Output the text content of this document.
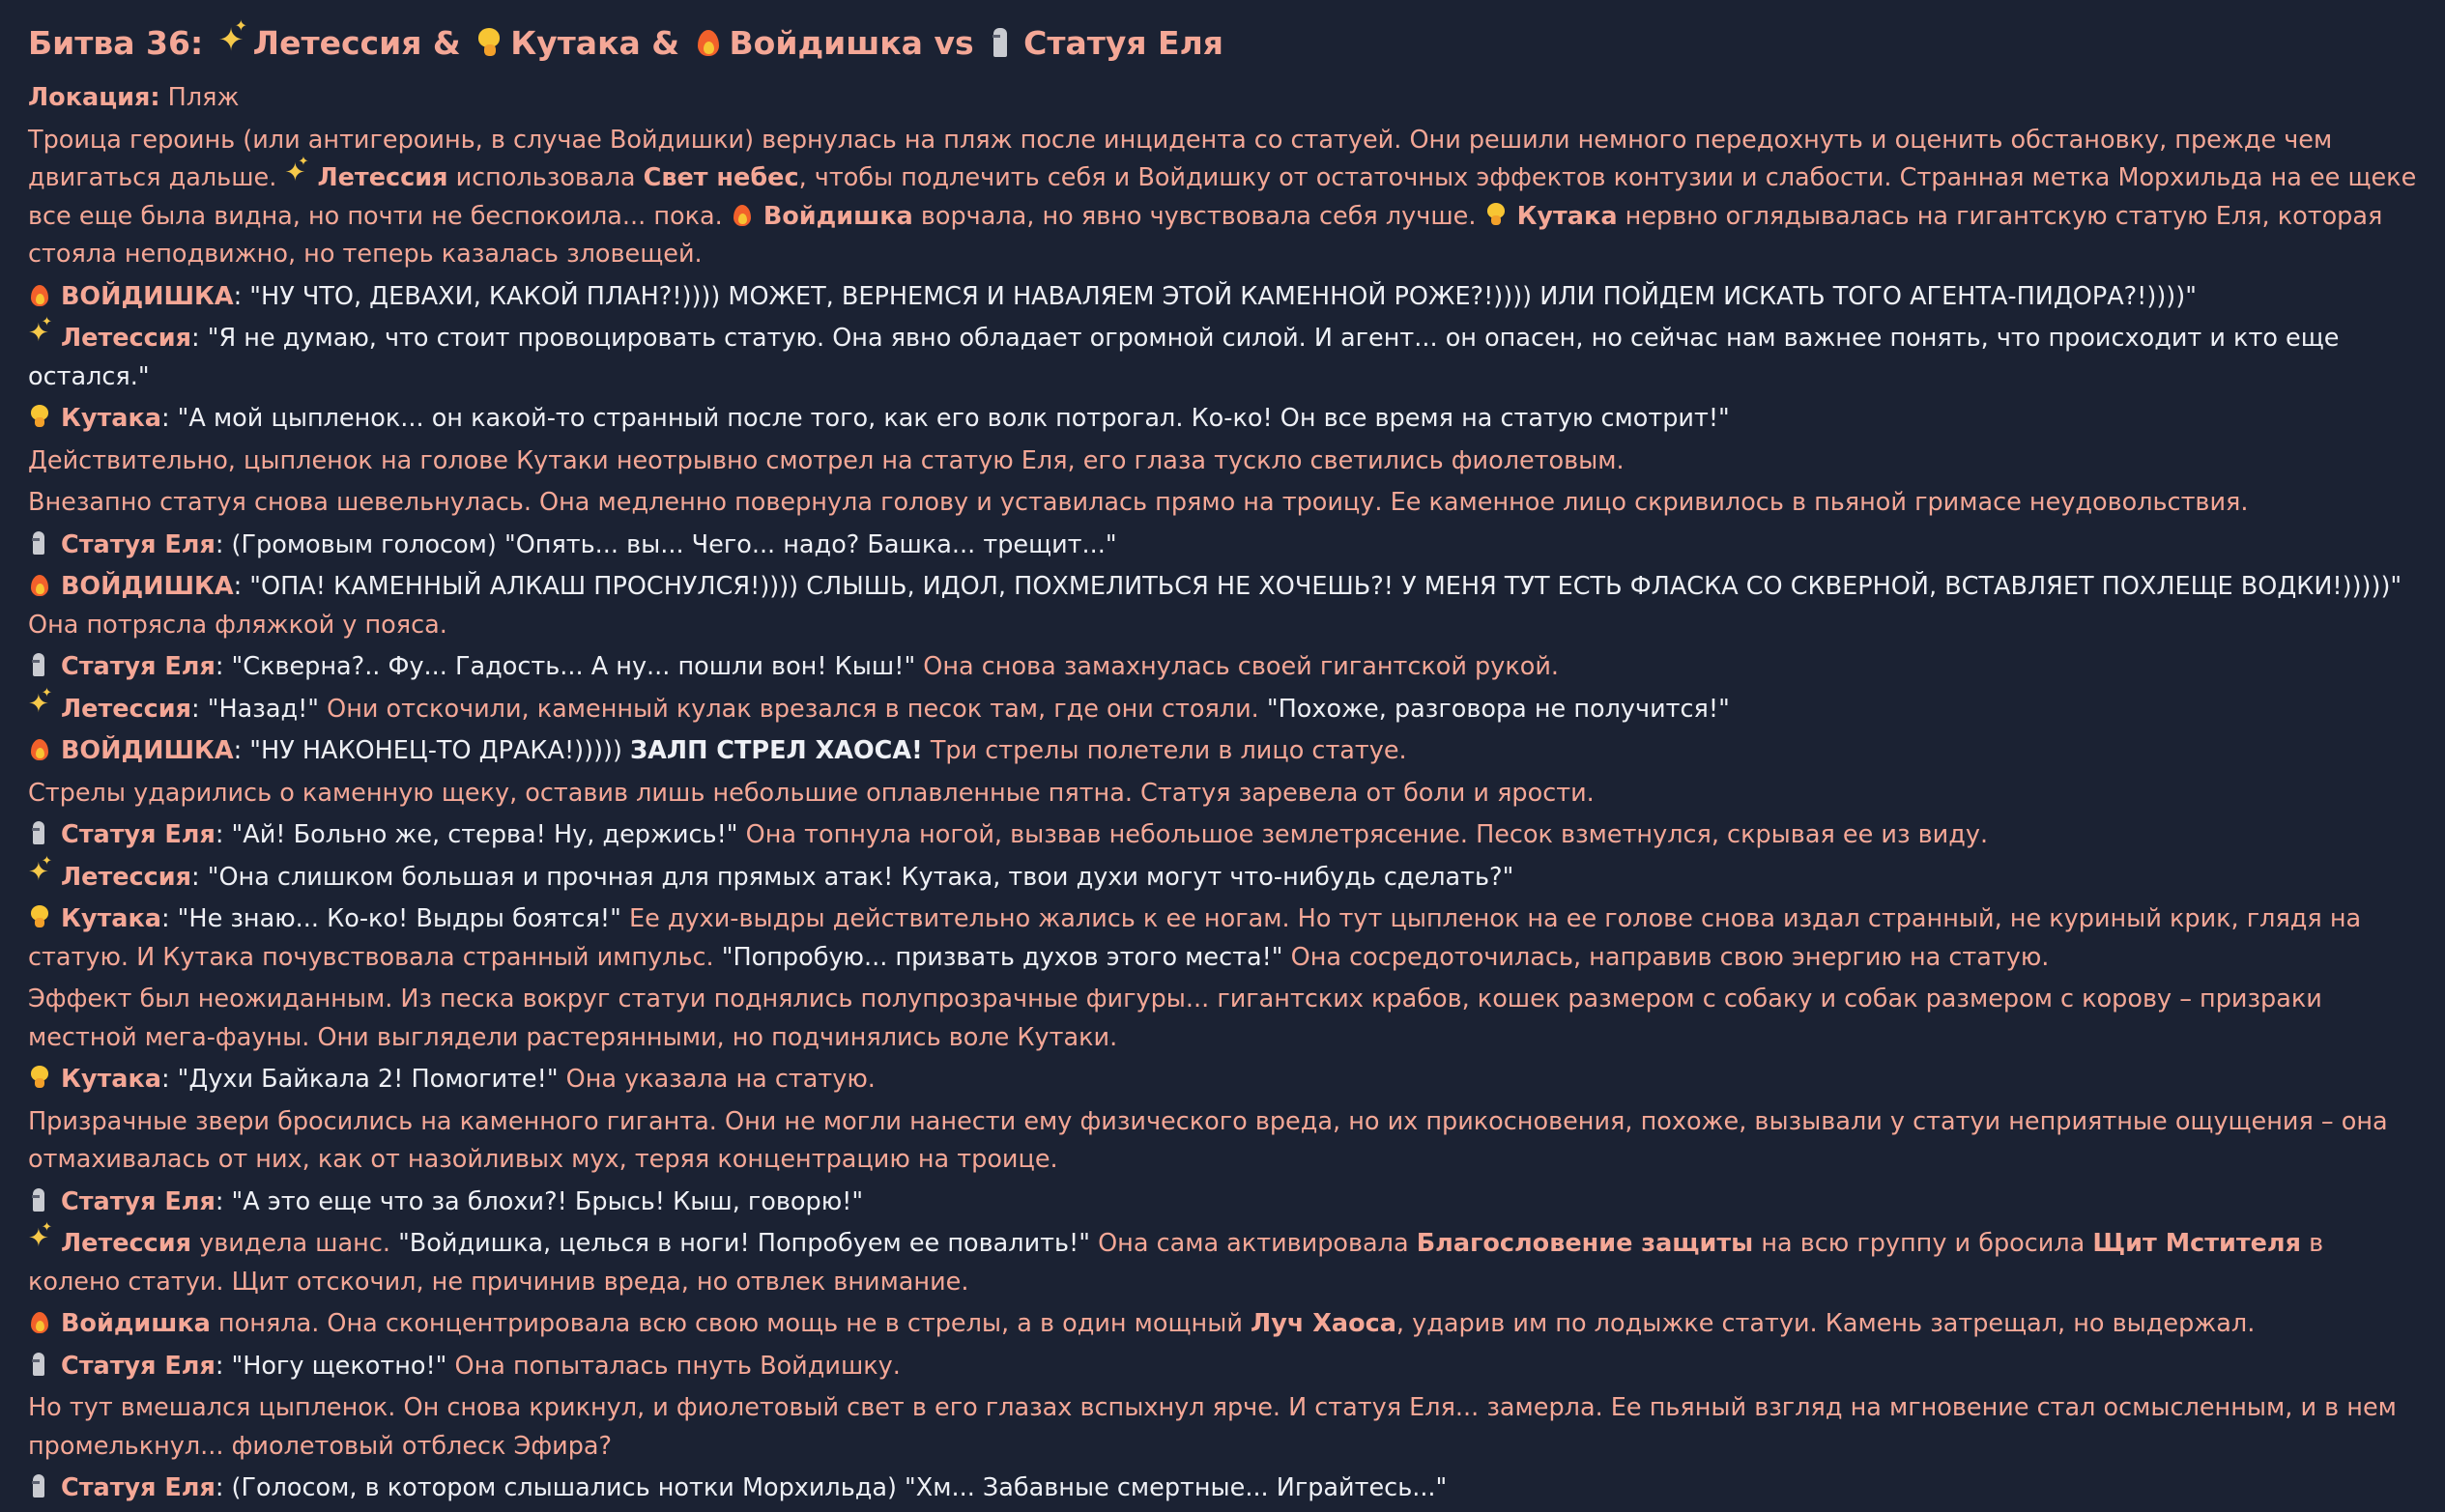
Битва 36: ✦ ✦ Летессия & Кутака & Войдишка vs Статуя Еля
Локация: Пляж
Троица героинь (или антигероинь, в случае Войдишки) вернулась на пляж после инцидента со статуей. Они решили немного передохнуть и оценить обстановку, прежде чем двигаться дальше. ✦ ✦ Летессия использовала Свет небес, чтобы подлечить себя и Войдишку от остаточных эффектов контузии и слабости. Странная метка Морхильда на ее щеке все еще была видна, но почти не беспокоила... пока. Войдишка ворчала, но явно чувствовала себя лучше. Кутака нервно оглядывалась на гигантскую статую Еля, которая стояла неподвижно, но теперь казалась зловещей.
ВОЙДИШКА: "НУ ЧТО, ДЕВАХИ, КАКОЙ ПЛАН?!)))) МОЖЕТ, ВЕРНЕМСЯ И НАВАЛЯЕМ ЭТОЙ КАМЕННОЙ РОЖЕ?!)))) ИЛИ ПОЙДЕМ ИСКАТЬ ТОГО АГЕНТА-ПИДОРА?!))))"
✦ ✦Летессия: "Я не думаю, что стоит провоцировать статую. Она явно обладает огромной силой. И агент... он опасен, но сейчас нам важнее понять, что происходит и кто еще остался."
Кутака: "А мой цыпленок... он какой-то странный после того, как его волк потрогал. Ко-ко! Он все время на статую смотрит!"
Действительно, цыпленок на голове Кутаки неотрывно смотрел на статую Еля, его глаза тускло светились фиолетовым.
Внезапно статуя снова шевельнулась. Она медленно повернула голову и уставилась прямо на троицу. Ее каменное лицо скривилось в пьяной гримасе неудовольствия.
Статуя Еля: (Громовым голосом) "Опять... вы... Чего... надо? Башка... трещит..."
ВОЙДИШКА: "ОПА! КАМЕННЫЙ АЛКАШ ПРОСНУЛСЯ!)))) СЛЫШЬ, ИДОЛ, ПОХМЕЛИТЬСЯ НЕ ХОЧЕШЬ?! У МЕНЯ ТУТ ЕСТЬ ФЛАСКА СО СКВЕРНОЙ, ВСТАВЛЯЕТ ПОХЛЕЩЕ ВОДКИ!)))))" Она потрясла фляжкой у пояса.
Статуя Еля: "Скверна?.. Фу... Гадость... А ну... пошли вон! Кыш!" Она снова замахнулась своей гигантской рукой.
✦ ✦Летессия: "Назад!" Они отскочили, каменный кулак врезался в песок там, где они стояли. "Похоже, разговора не получится!"
ВОЙДИШКА: "НУ НАКОНЕЦ-ТО ДРАКА!))))) ЗАЛП СТРЕЛ ХАОСА! Три стрелы полетели в лицо статуе.
Стрелы ударились о каменную щеку, оставив лишь небольшие оплавленные пятна. Статуя заревела от боли и ярости.
Статуя Еля: "Ай! Больно же, стерва! Ну, держись!" Она топнула ногой, вызвав небольшое землетрясение. Песок взметнулся, скрывая ее из виду.
✦ ✦Летессия: "Она слишком большая и прочная для прямых атак! Кутака, твои духи могут что-нибудь сделать?"
Кутака: "Не знаю... Ко-ко! Выдры боятся!" Ее духи-выдры действительно жались к ее ногам. Но тут цыпленок на ее голове снова издал странный, не куриный крик, глядя на статую. И Кутака почувствовала странный импульс. "Попробую... призвать духов этого места!" Она сосредоточилась, направив свою энергию на статую.
Эффект был неожиданным. Из песка вокруг статуи поднялись полупрозрачные фигуры... гигантских крабов, кошек размером с собаку и собак размером с корову – призраки местной мега-фауны. Они выглядели растерянными, но подчинялись воле Кутаки.
Кутака: "Духи Байкала 2! Помогите!" Она указала на статую.
Призрачные звери бросились на каменного гиганта. Они не могли нанести ему физического вреда, но их прикосновения, похоже, вызывали у статуи неприятные ощущения – она отмахивалась от них, как от назойливых мух, теряя концентрацию на троице.
Статуя Еля: "А это еще что за блохи?! Брысь! Кыш, говорю!"
✦ ✦Летессия увидела шанс. "Войдишка, целься в ноги! Попробуем ее повалить!" Она сама активировала Благословение защиты на всю группу и бросила Щит Мстителя в колено статуи. Щит отскочил, не причинив вреда, но отвлек внимание.
Войдишка поняла. Она сконцентрировала всю свою мощь не в стрелы, а в один мощный Луч Хаоса, ударив им по лодыжке статуи. Камень затрещал, но выдержал.
Статуя Еля: "Ногу щекотно!" Она попыталась пнуть Войдишку.
Но тут вмешался цыпленок. Он снова крикнул, и фиолетовый свет в его глазах вспыхнул ярче. И статуя Еля... замерла. Ее пьяный взгляд на мгновение стал осмысленным, и в нем промелькнул... фиолетовый отблеск Эфира?
Статуя Еля: (Голосом, в котором слышались нотки Морхильда) "Хм... Забавные смертные... Играйтесь..."
